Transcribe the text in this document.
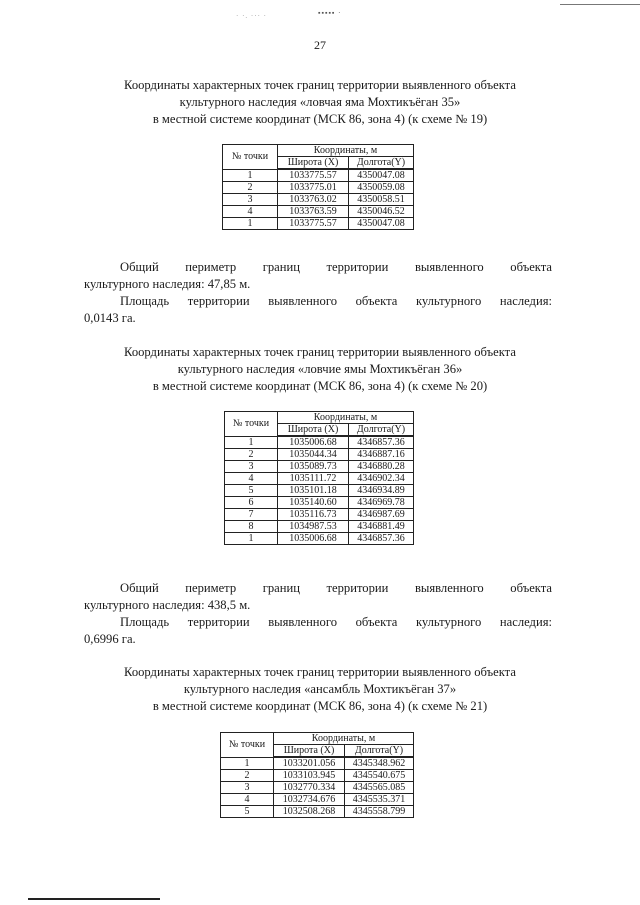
· ·. ··· ·	▪▪▪▪▪ ·
27
Координаты характерных точек границ территории выявленного объекта
культурного наследия «ловчая яма Мохтикъёган 35»
в местной системе координат (МСК 86, зона 4) (к схеме № 19)
№ точки	Координаты, м	
	Широта (X)	Долгота(Y)
1	1033775.57	4350047.08
2	1033775.01	4350059.08
3	1033763.02	4350058.51
4	1033763.59	4350046.52
1	1033775.57	4350047.08
Общий периметр границ территории выявленного объекта
культурного наследия: 47,85 м.
Площадь территории выявленного объекта культурного наследия:
0,0143 га.
Координаты характерных точек границ территории выявленного объекта
культурного наследия «ловчие ямы Мохтикъёган 36»
в местной системе координат (МСК 86, зона 4) (к схеме № 20)
№ точки	Координаты, м	
	Широта (X)	Долгота(Y)
1	1035006.68	4346857.36
2	1035044.34	4346887.16
3	1035089.73	4346880.28
4	1035111.72	4346902.34
5	1035101.18	4346934.89
6	1035140.60	4346969.78
7	1035116.73	4346987.69
8	1034987.53	4346881.49
1	1035006.68	4346857.36
Общий периметр границ территории выявленного объекта
культурного наследия: 438,5 м.
Площадь территории выявленного объекта культурного наследия:
0,6996 га.
Координаты характерных точек границ территории выявленного объекта
культурного наследия «ансамбль Мохтикъёган 37»
в местной системе координат (МСК 86, зона 4) (к схеме № 21)
№ точки	Координаты, м	
	Широта (X)	Долгота(Y)
1	1033201.056	4345348.962
2	1033103.945	4345540.675
3	1032770.334	4345565.085
4	1032734.676	4345535.371
5	1032508.268	4345558.799
